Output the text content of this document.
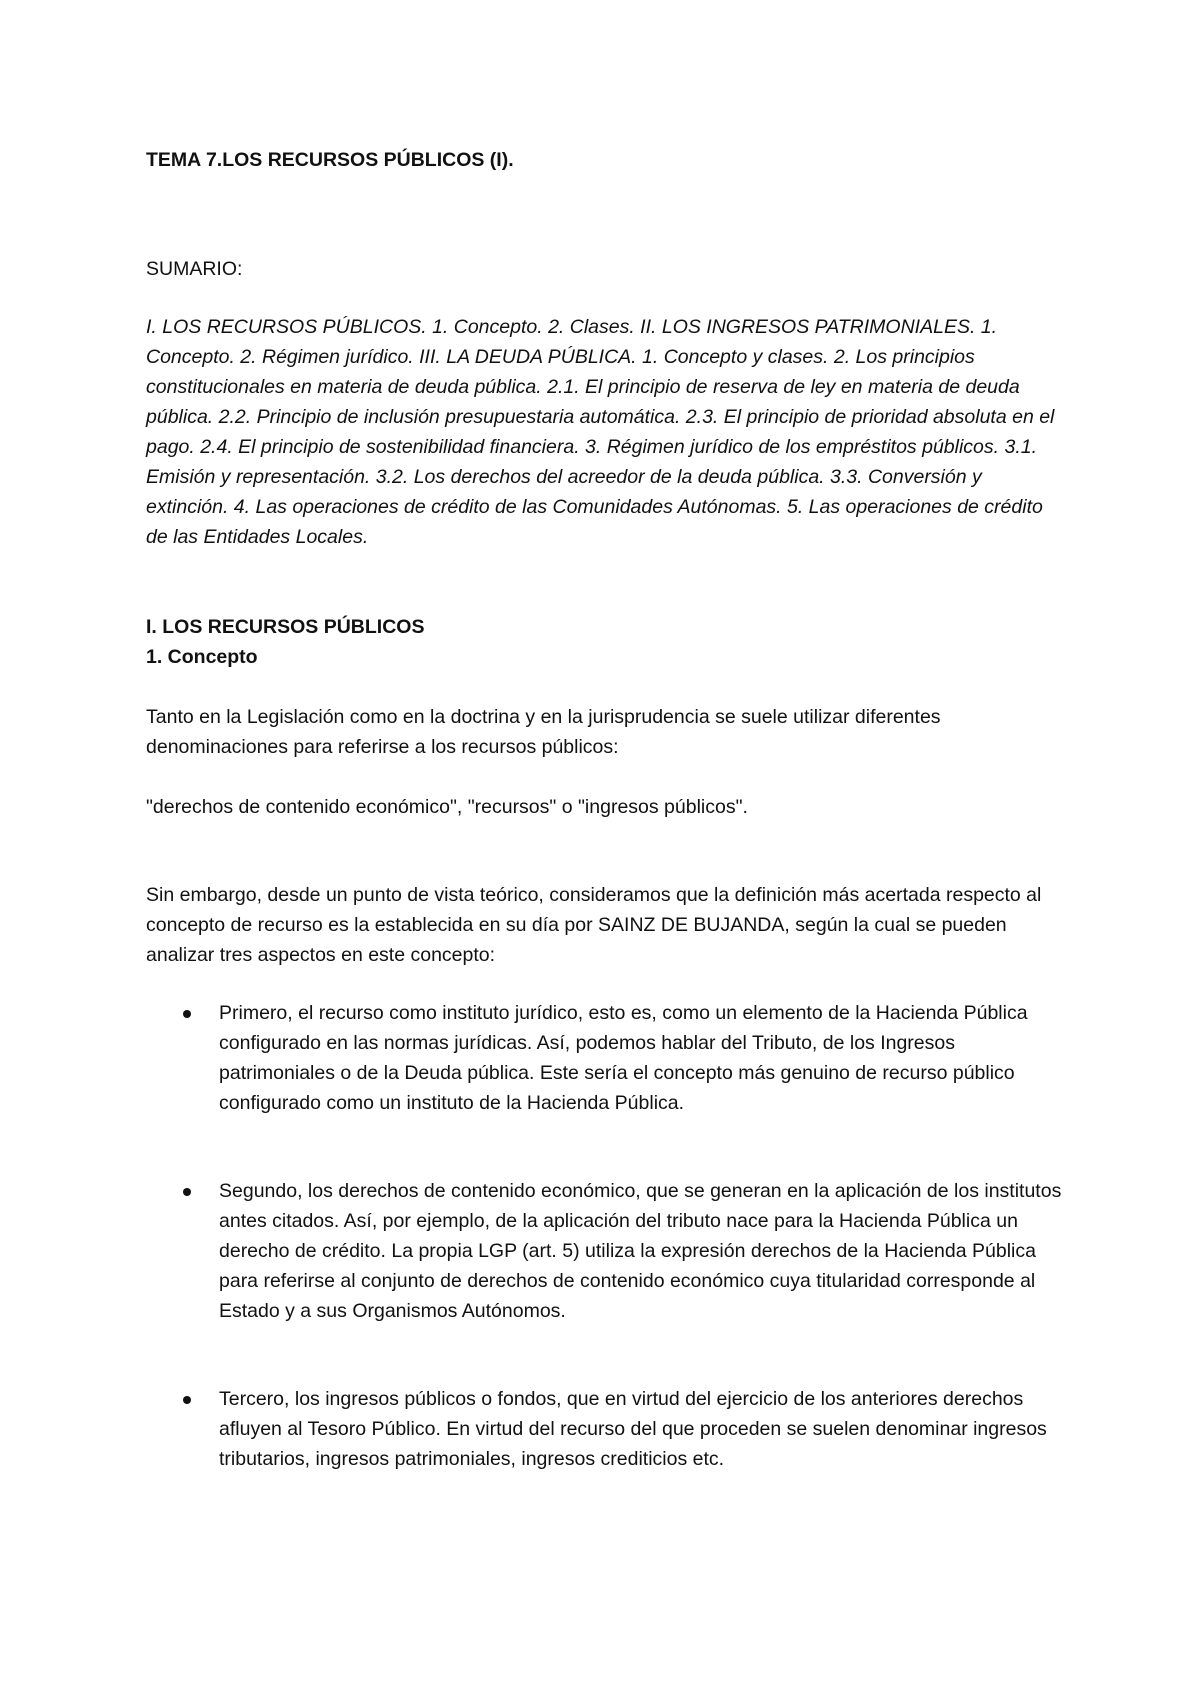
TEMA 7.LOS RECURSOS PÚBLICOS (I).

SUMARIO:

I. LOS RECURSOS PÚBLICOS. 1. Concepto. 2. Clases. II. LOS INGRESOS PATRIMONIALES. 1. Concepto. 2. Régimen jurídico. III. LA DEUDA PÚBLICA. 1. Concepto y clases. 2. Los principios constitucionales en materia de deuda pública. 2.1. El principio de reserva de ley en materia de deuda pública. 2.2. Principio de inclusión presupuestaria automática. 2.3. El principio de prioridad absoluta en el pago. 2.4. El principio de sostenibilidad financiera. 3. Régimen jurídico de los empréstitos públicos. 3.1. Emisión y representación. 3.2. Los derechos del acreedor de la deuda pública. 3.3. Conversión y extinción. 4. Las operaciones de crédito de las Comunidades Autónomas. 5. Las operaciones de crédito de las Entidades Locales.

I. LOS RECURSOS PÚBLICOS

1. Concepto

Tanto en la Legislación como en la doctrina y en la jurisprudencia se suele utilizar diferentes denominaciones para referirse a los recursos públicos:

"derechos de contenido económico", "recursos" o "ingresos públicos".

Sin embargo, desde un punto de vista teórico, consideramos que la definición más acertada respecto al concepto de recurso es la establecida en su día por SAINZ DE BUJANDA, según la cual se pueden analizar tres aspectos en este concepto:

Primero, el recurso como instituto jurídico, esto es, como un elemento de la Hacienda Pública configurado en las normas jurídicas. Así, podemos hablar del Tributo, de los Ingresos patrimoniales o de la Deuda pública. Este sería el concepto más genuino de recurso público configurado como un instituto de la Hacienda Pública.
Segundo, los derechos de contenido económico, que se generan en la aplicación de los institutos antes citados. Así, por ejemplo, de la aplicación del tributo nace para la Hacienda Pública un derecho de crédito. La propia LGP (art. 5) utiliza la expresión derechos de la Hacienda Pública para referirse al conjunto de derechos de contenido económico cuya titularidad corresponde al Estado y a sus Organismos Autónomos.
Tercero, los ingresos públicos o fondos, que en virtud del ejercicio de los anteriores derechos afluyen al Tesoro Público. En virtud del recurso del que proceden se suelen denominar ingresos tributarios, ingresos patrimoniales, ingresos crediticios etc.
